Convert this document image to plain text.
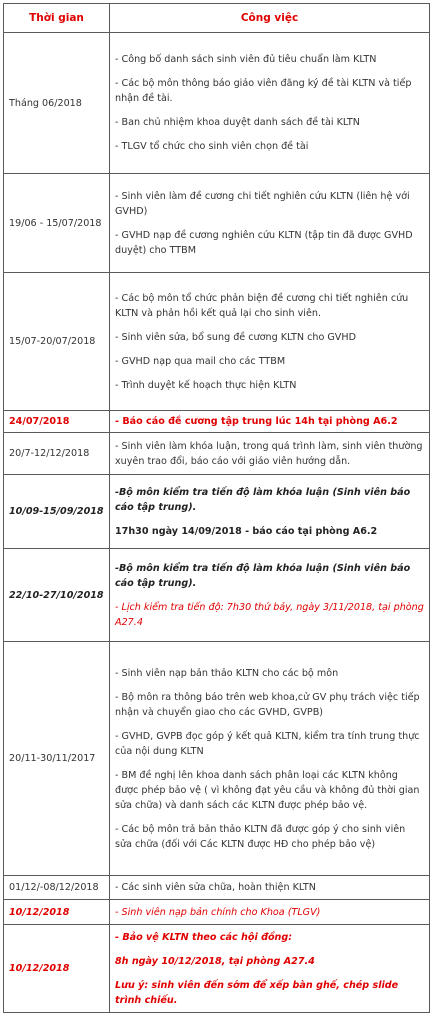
Thời gian	Công việc
Tháng 06/2018	- Công bố danh sách sinh viên đủ tiêu chuẩn làm KLTN

- Các bộ môn thông báo giáo viên đăng ký đề tài KLTN và tiếp nhận đề tài.

- Ban chủ nhiệm khoa duyệt danh sách đề tài KLTN

- TLGV tổ chức cho sinh viên chọn đề tài

19/06 - 15/07/2018	- Sinh viên làm đề cương chi tiết nghiên cứu KLTN (liên hệ với GVHD)

- GVHD nạp đề cương nghiên cứu KLTN (tập tin đã được GVHD duyệt) cho TTBM

15/07-20/07/2018	- Các bộ môn tổ chức phản biện đề cương chi tiết nghiên cứu KLTN và phản hồi kết quả lại cho sinh viên.

- Sinh viên sửa, bổ sung đề cương KLTN cho GVHD

- GVHD nạp qua mail cho các TTBM

- Trình duyệt kế hoạch thực hiện KLTN

24/07/2018	- Báo cáo đề cương tập trung lúc 14h tại phòng A6.2

20/7-12/12/2018	- Sinh viên làm khóa luận, trong quá trình làm, sinh viên thường xuyên trao đổi, báo cáo với giáo viên hướng dẫn.

10/09-15/09/2018	-Bộ môn kiểm tra tiến độ làm khóa luận (Sinh viên báo cáo tập trung).

17h30 ngày 14/09/2018 - báo cáo tại phòng A6.2

22/10-27/10/2018	-Bộ môn kiểm tra tiến độ làm khóa luận (Sinh viên báo cáo tập trung).

- Lịch kiểm tra tiến độ: 7h30 thứ bảy, ngày 3/11/2018, tại phòng A27.4

20/11-30/11/2017	- Sinh viên nạp bản thảo KLTN cho các bộ môn

- Bộ môn ra thông báo trên web khoa,cử GV phụ trách việc tiếp nhận và chuyển giao cho các GVHD, GVPB)

- GVHD, GVPB đọc góp ý kết quả KLTN, kiểm tra tính trung thực của nội dung KLTN

- BM đề nghị lên khoa danh sách phân loại các KLTN không được phép bảo vệ ( vì không đạt yêu cầu và không đủ thời gian sửa chữa) và danh sách các KLTN được phép bảo vệ.

- Các bộ môn trả bản thảo KLTN đã được góp ý cho sinh viên sửa chữa (đối với Các KLTN được HĐ cho phép bảo vệ)

01/12/-08/12/2018	- Các sinh viên sửa chữa, hoàn thiện KLTN

10/12/2018	- Sinh viên nạp bản chính cho Khoa (TLGV)

10/12/2018	- Bảo vệ KLTN theo các hội đồng:

8h ngày 10/12/2018, tại phòng A27.4

Lưu ý: sinh viên đến sớm để xếp bàn ghế, chép slide trình chiếu.
